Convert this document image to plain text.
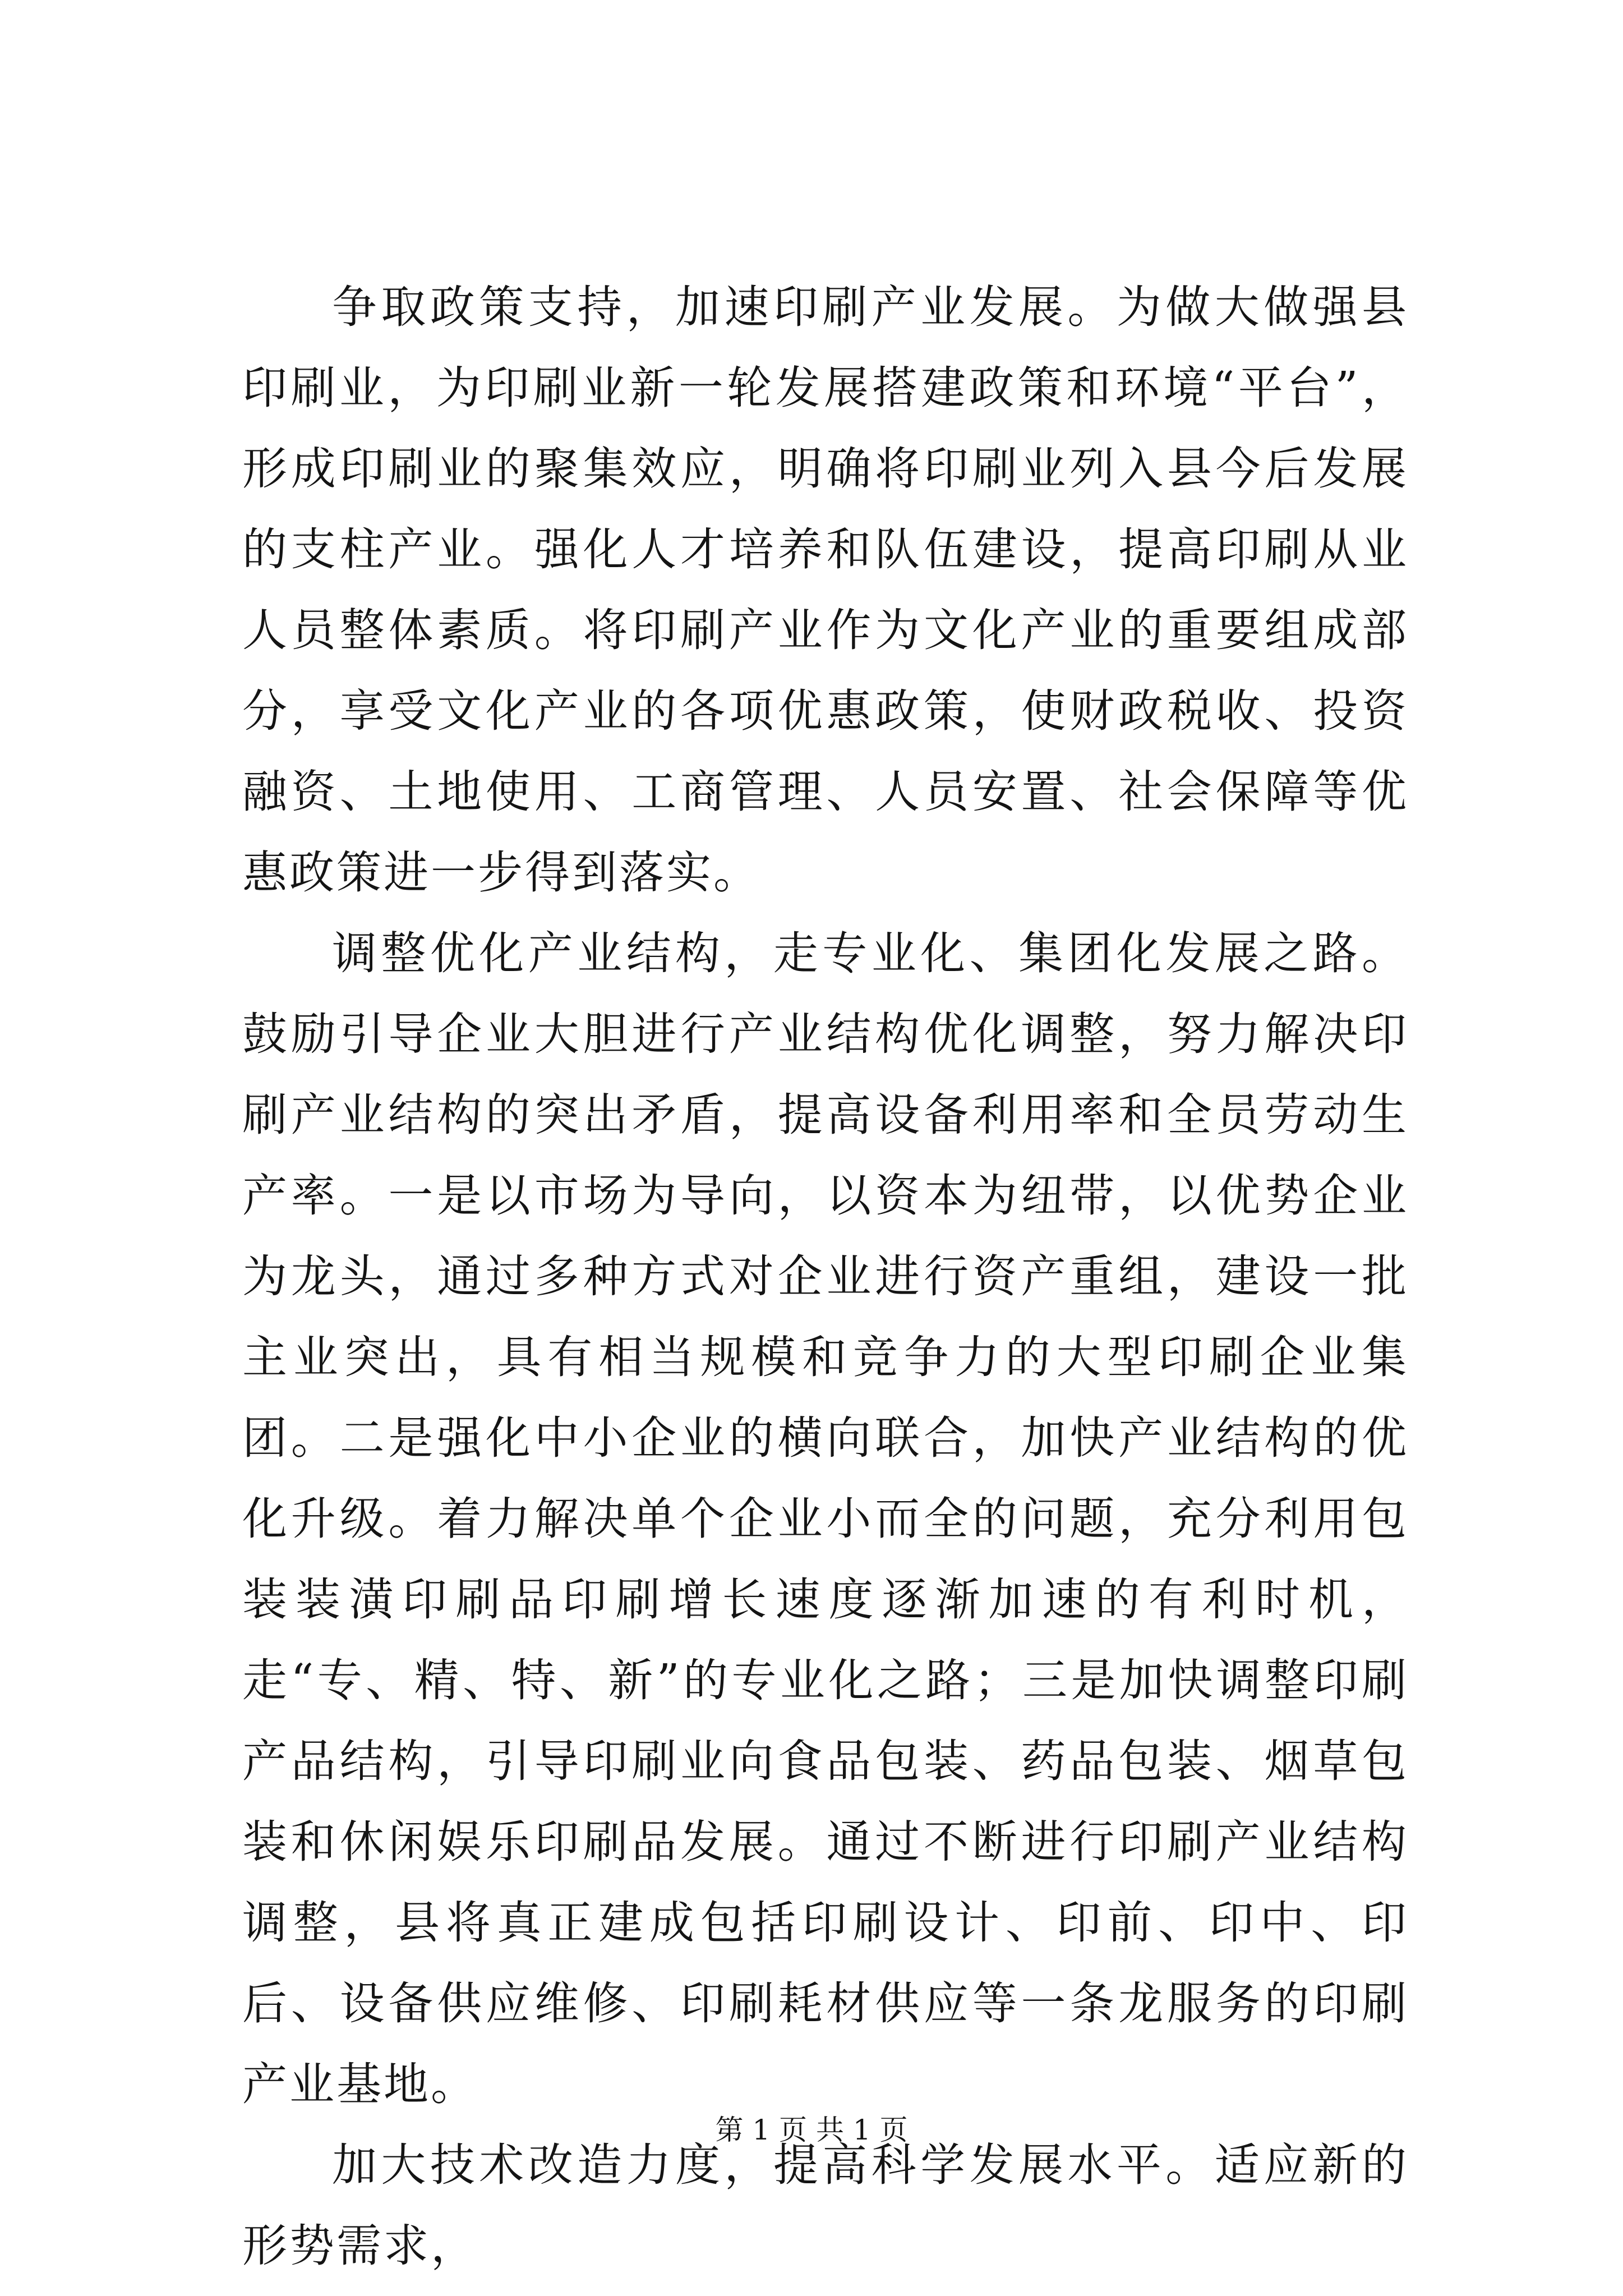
争取政策支持，加速印刷产业发展。为做大做强县印刷业，为印刷业新一轮发展搭建政策和环境“平台”，形成印刷业的聚集效应，明确将印刷业列入县今后发展的支柱产业。强化人才培养和队伍建设，提高印刷从业人员整体素质。将印刷产业作为文化产业的重要组成部分，享受文化产业的各项优惠政策，使财政税收、投资融资、土地使用、工商管理、人员安置、社会保障等优惠政策进一步得到落实。

调整优化产业结构，走专业化、集团化发展之路。鼓励引导企业大胆进行产业结构优化调整，努力解决印刷产业结构的突出矛盾，提高设备利用率和全员劳动生产率。一是以市场为导向，以资本为纽带，以优势企业为龙头，通过多种方式对企业进行资产重组，建设一批主业突出，具有相当规模和竞争力的大型印刷企业集团。二是强化中小企业的横向联合，加快产业结构的优化升级。着力解决单个企业小而全的问题，充分利用包装装潢印刷品印刷增长速度逐渐加速的有利时机，走“专、精、特、新”的专业化之路；三是加快调整印刷产品结构，引导印刷业向食品包装、药品包装、烟草包装和休闲娱乐印刷品发展。通过不断进行印刷产业结构调整，县将真正建成包括印刷设计、印前、印中、印后、设备供应维修、印刷耗材供应等一条龙服务的印刷产业基地。

加大技术改造力度，提高科学发展水平。适应新的形势需求，

第 1 页 共 1 页
